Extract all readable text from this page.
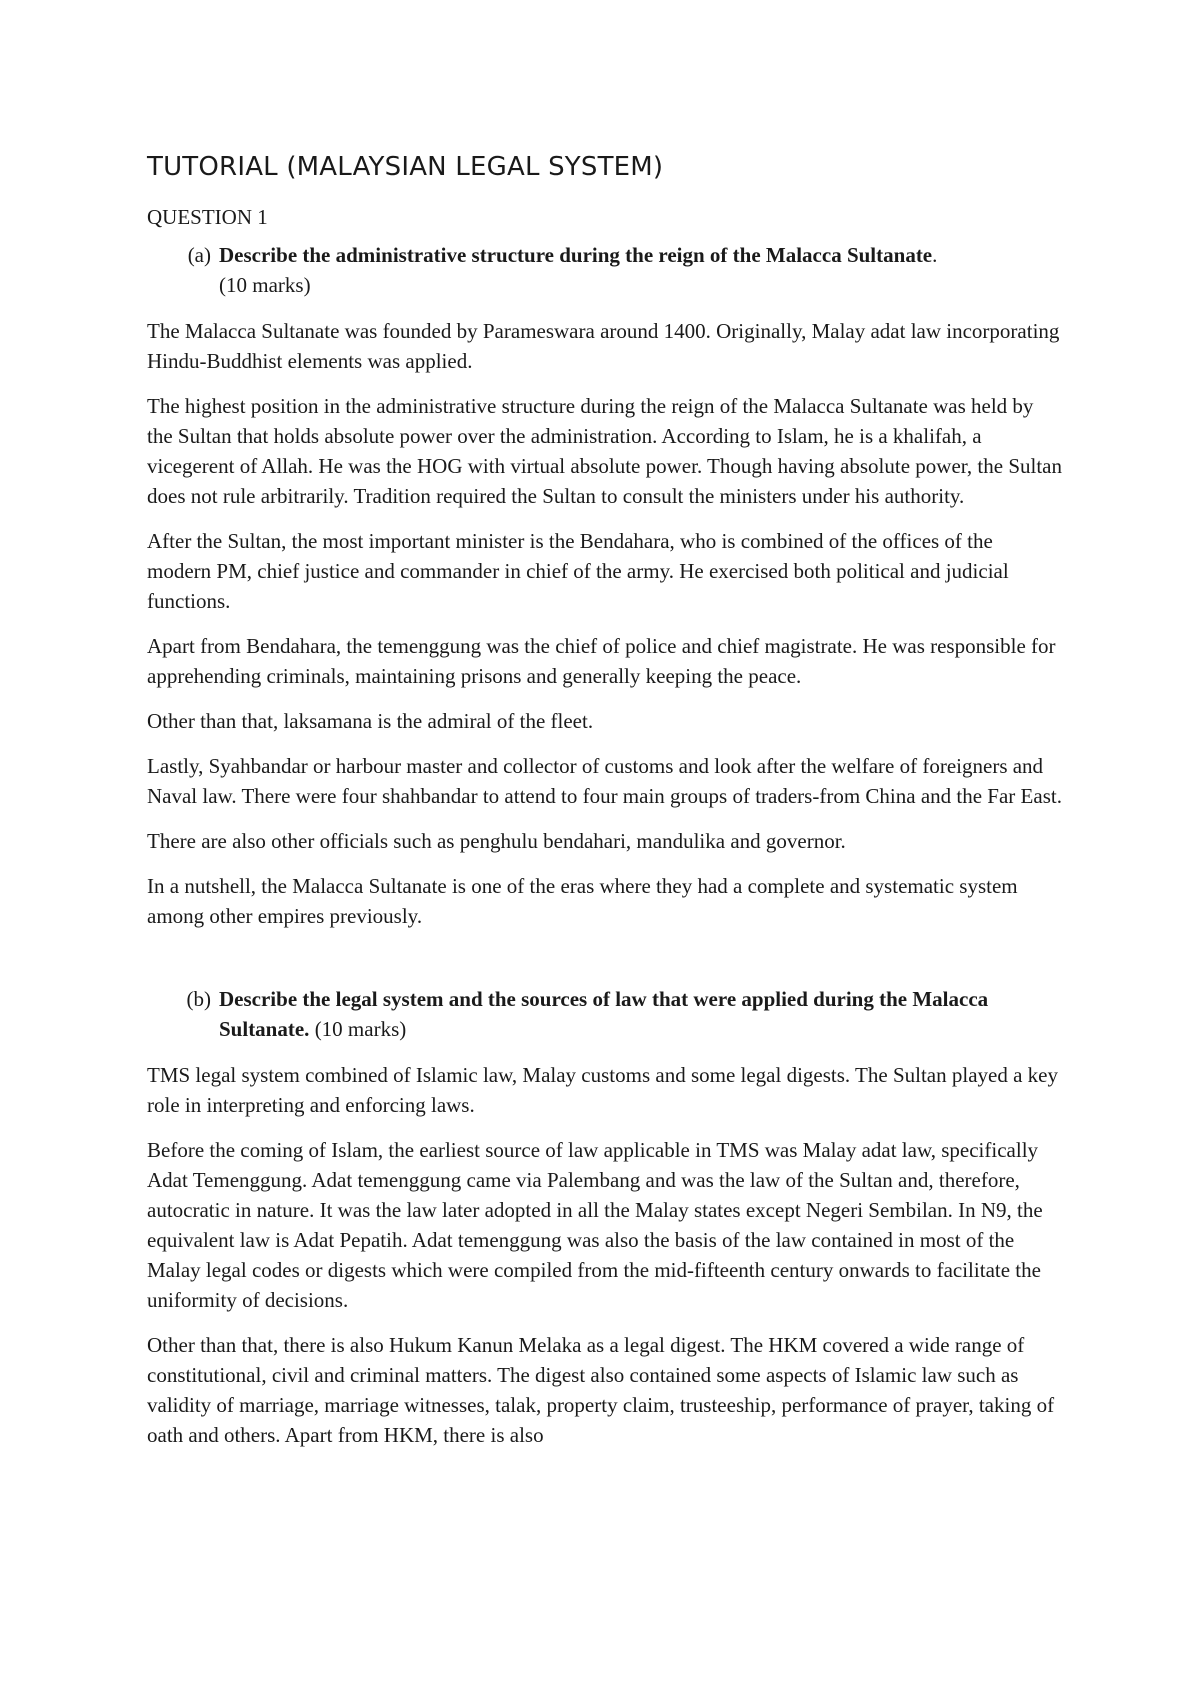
TUTORIAL (MALAYSIAN LEGAL SYSTEM)
QUESTION 1
(a) Describe the administrative structure during the reign of the Malacca Sultanate.
(10 marks)

The Malacca Sultanate was founded by Parameswara around 1400. Originally, Malay adat law incorporating Hindu-Buddhist elements was applied.

The highest position in the administrative structure during the reign of the Malacca Sultanate was held by the Sultan that holds absolute power over the administration. According to Islam, he is a khalifah, a vicegerent of Allah. He was the HOG with virtual absolute power. Though having absolute power, the Sultan does not rule arbitrarily. Tradition required the Sultan to consult the ministers under his authority.

After the Sultan, the most important minister is the Bendahara, who is combined of the offices of the modern PM, chief justice and commander in chief of the army. He exercised both political and judicial functions.

Apart from Bendahara, the temenggung was the chief of police and chief magistrate. He was responsible for apprehending criminals, maintaining prisons and generally keeping the peace.

Other than that, laksamana is the admiral of the fleet.

Lastly, Syahbandar or harbour master and collector of customs and look after the welfare of foreigners and Naval law. There were four shahbandar to attend to four main groups of traders-from China and the Far East.

There are also other officials such as penghulu bendahari, mandulika and governor.

In a nutshell, the Malacca Sultanate is one of the eras where they had a complete and systematic system among other empires previously.

(b) Describe the legal system and the sources of law that were applied during the Malacca Sultanate. (10 marks)

TMS legal system combined of Islamic law, Malay customs and some legal digests. The Sultan played a key role in interpreting and enforcing laws.

Before the coming of Islam, the earliest source of law applicable in TMS was Malay adat law, specifically Adat Temenggung. Adat temenggung came via Palembang and was the law of the Sultan and, therefore, autocratic in nature. It was the law later adopted in all the Malay states except Negeri Sembilan. In N9, the equivalent law is Adat Pepatih. Adat temenggung was also the basis of the law contained in most of the Malay legal codes or digests which were compiled from the mid-fifteenth century onwards to facilitate the uniformity of decisions.

Other than that, there is also Hukum Kanun Melaka as a legal digest. The HKM covered a wide range of constitutional, civil and criminal matters. The digest also contained some aspects of Islamic law such as validity of marriage, marriage witnesses, talak, property claim, trusteeship, performance of prayer, taking of oath and others. Apart from HKM, there is also
